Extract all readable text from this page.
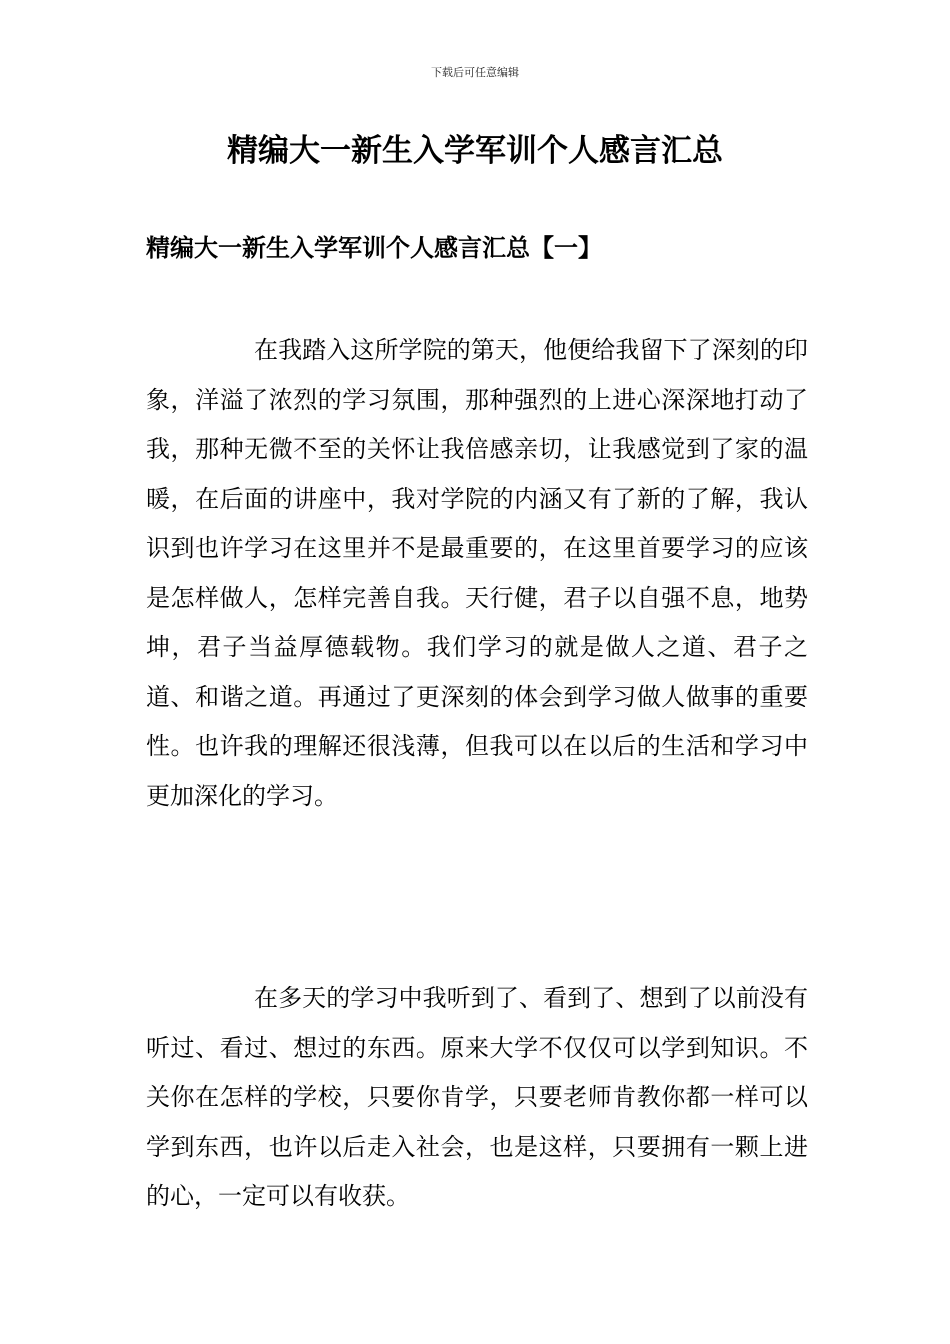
下载后可任意编辑
精编大一新生入学军训个人感言汇总
精编大一新生入学军训个人感言汇总【一】

在我踏入这所学院的第天，他便给我留下了深刻的印象，洋溢了浓烈的学习氛围，那种强烈的上进心深深地打动了我，那种无微不至的关怀让我倍感亲切，让我感觉到了家的温暖，在后面的讲座中，我对学院的内涵又有了新的了解，我认识到也许学习在这里并不是最重要的，在这里首要学习的应该是怎样做人，怎样完善自我。天行健，君子以自强不息，地势坤，君子当益厚德载物。我们学习的就是做人之道、君子之道、和谐之道。再通过了更深刻的体会到学习做人做事的重要性。也许我的理解还很浅薄，但我可以在以后的生活和学习中更加深化的学习。

在多天的学习中我听到了、看到了、想到了以前没有听过、看过、想过的东西。原来大学不仅仅可以学到知识。不关你在怎样的学校，只要你肯学，只要老师肯教你都一样可以学到东西，也许以后走入社会，也是这样，只要拥有一颗上进的心，一定可以有收获。
